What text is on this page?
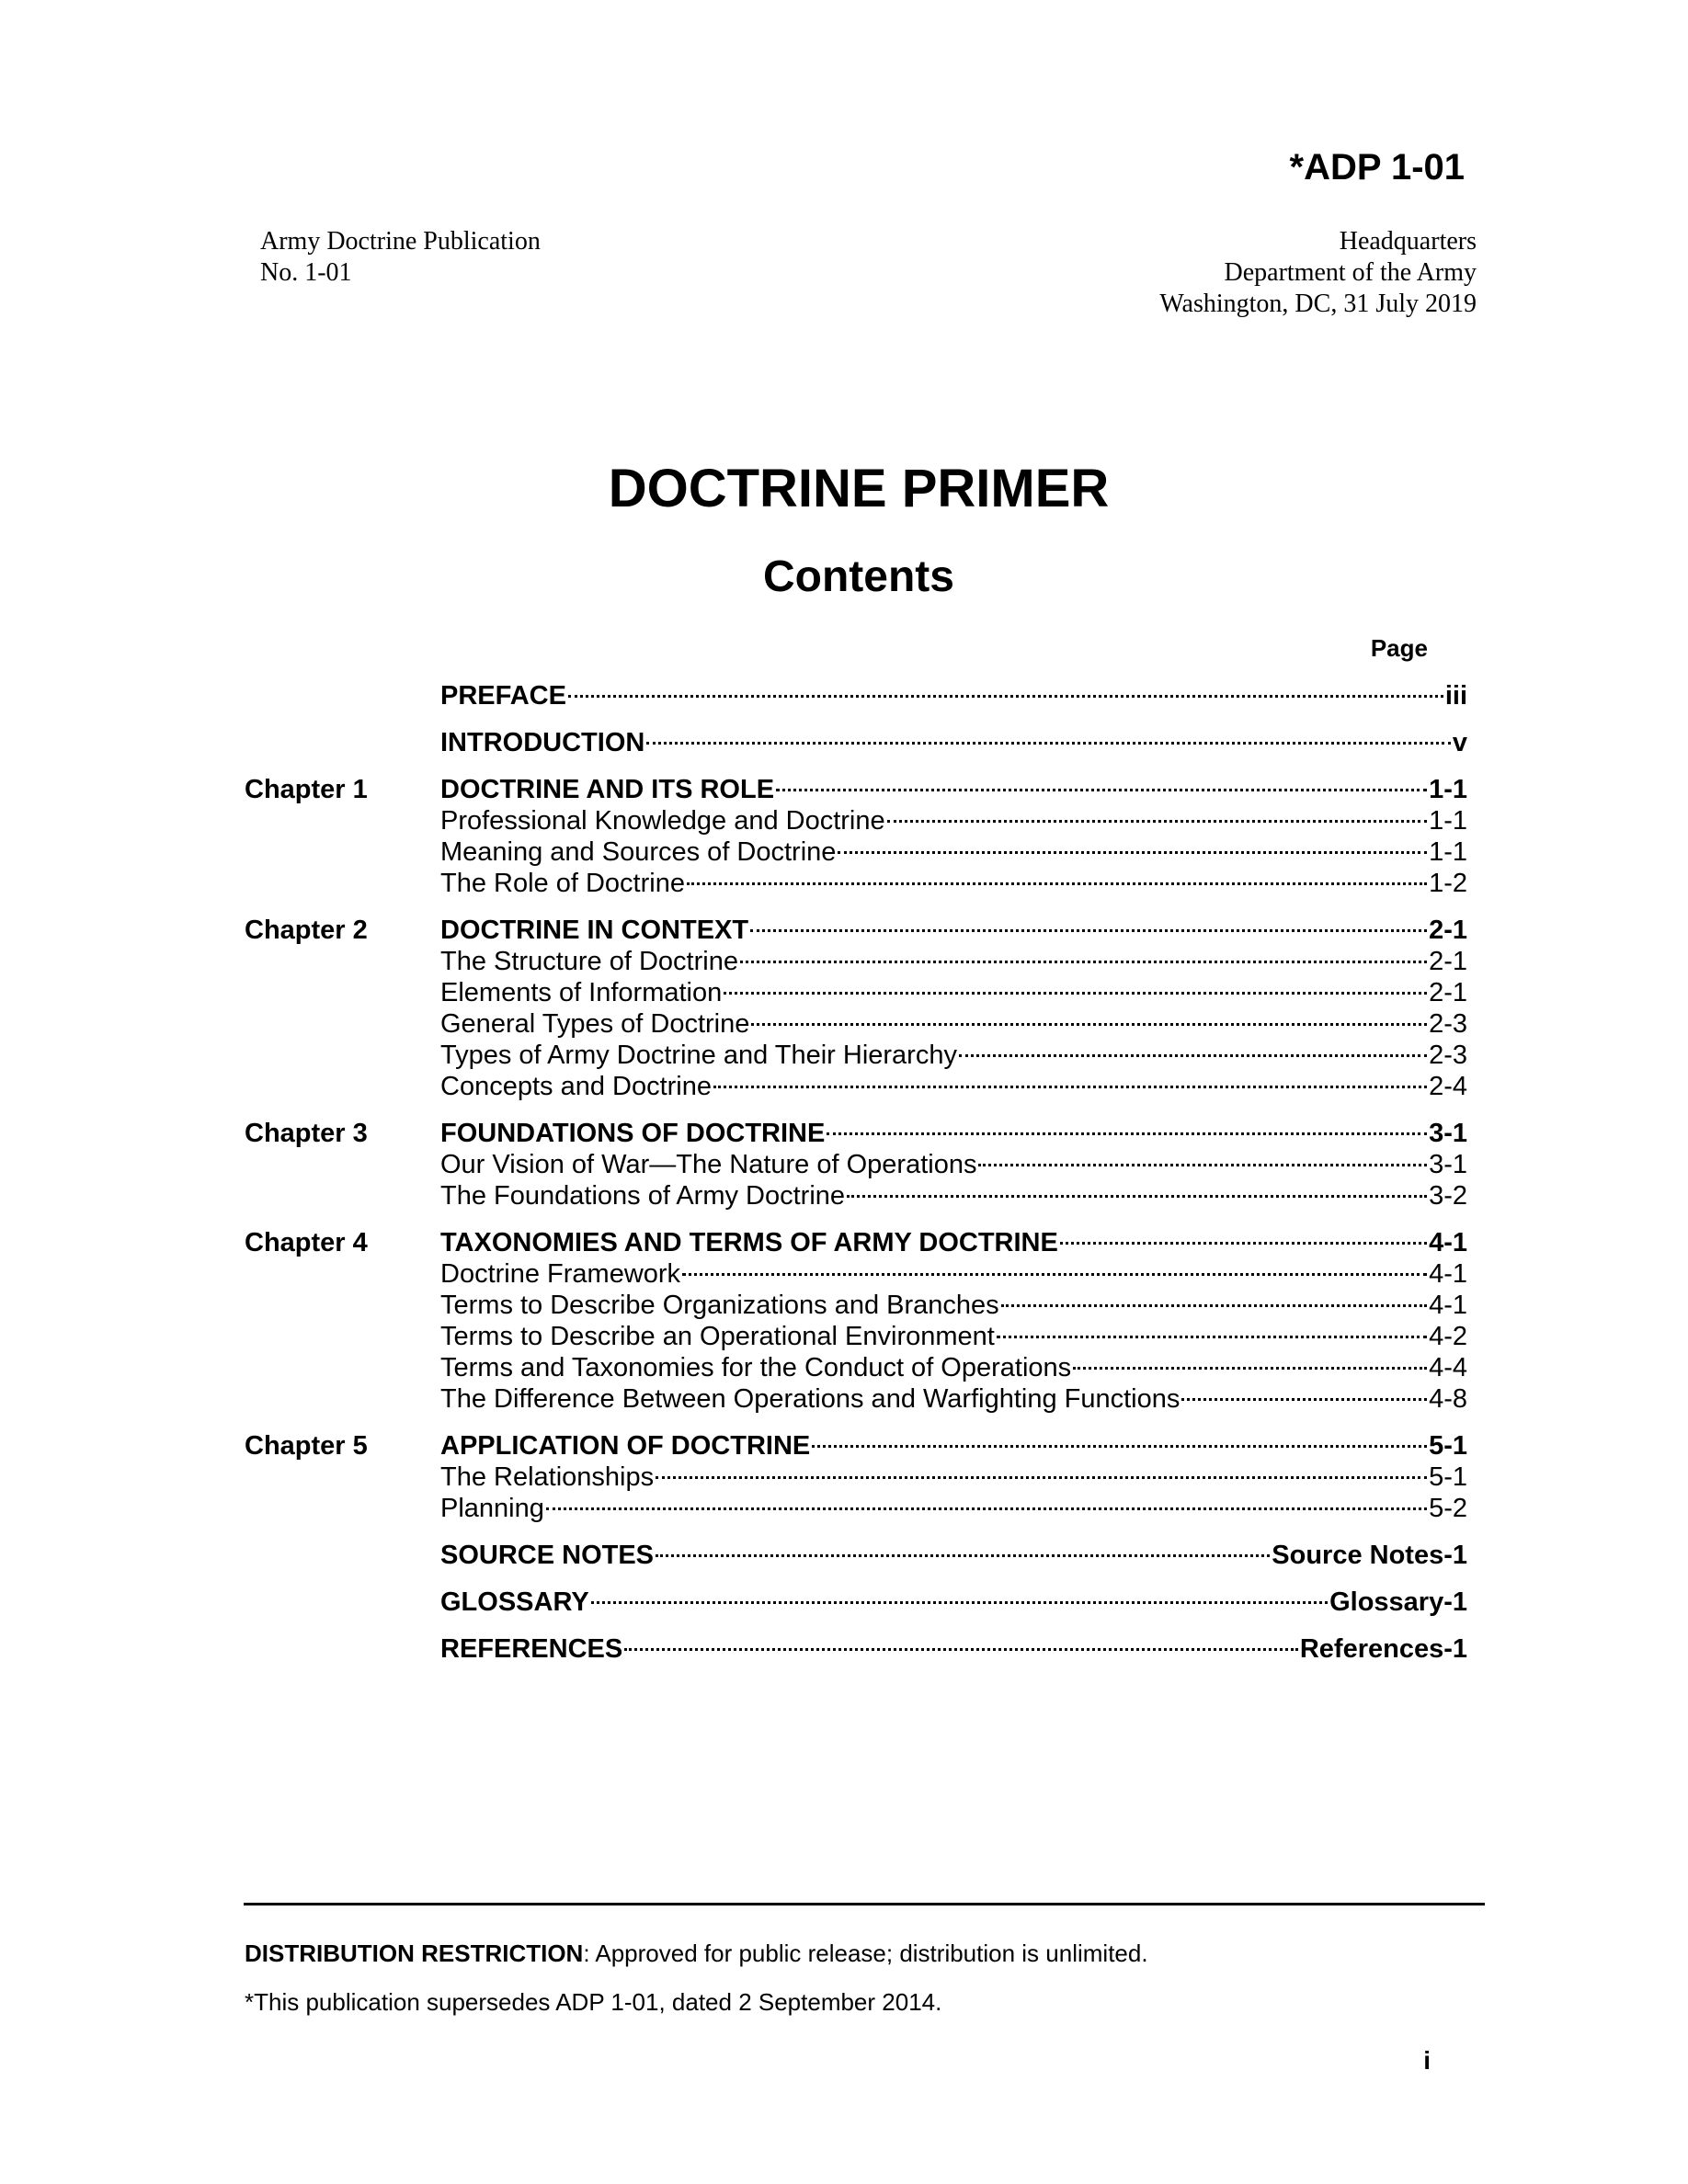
*ADP 1-01
Army Doctrine Publication
No. 1-01
Headquarters
Department of the Army
Washington, DC, 31 July 2019
DOCTRINE PRIMER
Contents
Page
PREFACE	iii
INTRODUCTION	v
Chapter 1	DOCTRINE AND ITS ROLE	1-1
Professional Knowledge and Doctrine	1-1
Meaning and Sources of Doctrine	1-1
The Role of Doctrine	1-2
Chapter 2	DOCTRINE IN CONTEXT	2-1
The Structure of Doctrine	2-1
Elements of Information	2-1
General Types of Doctrine	2-3
Types of Army Doctrine and Their Hierarchy	2-3
Concepts and Doctrine	2-4
Chapter 3	FOUNDATIONS OF DOCTRINE	3-1
Our Vision of War—The Nature of Operations	3-1
The Foundations of Army Doctrine	3-2
Chapter 4	TAXONOMIES AND TERMS OF ARMY DOCTRINE	4-1
Doctrine Framework	4-1
Terms to Describe Organizations and Branches	4-1
Terms to Describe an Operational Environment	4-2
Terms and Taxonomies for the Conduct of Operations	4-4
The Difference Between Operations and Warfighting Functions	4-8
Chapter 5	APPLICATION OF DOCTRINE	5-1
The Relationships	5-1
Planning	5-2
SOURCE NOTES	Source Notes-1
GLOSSARY	Glossary-1
REFERENCES	References-1
DISTRIBUTION RESTRICTION: Approved for public release; distribution is unlimited.
*This publication supersedes ADP 1-01, dated 2 September 2014.
i
